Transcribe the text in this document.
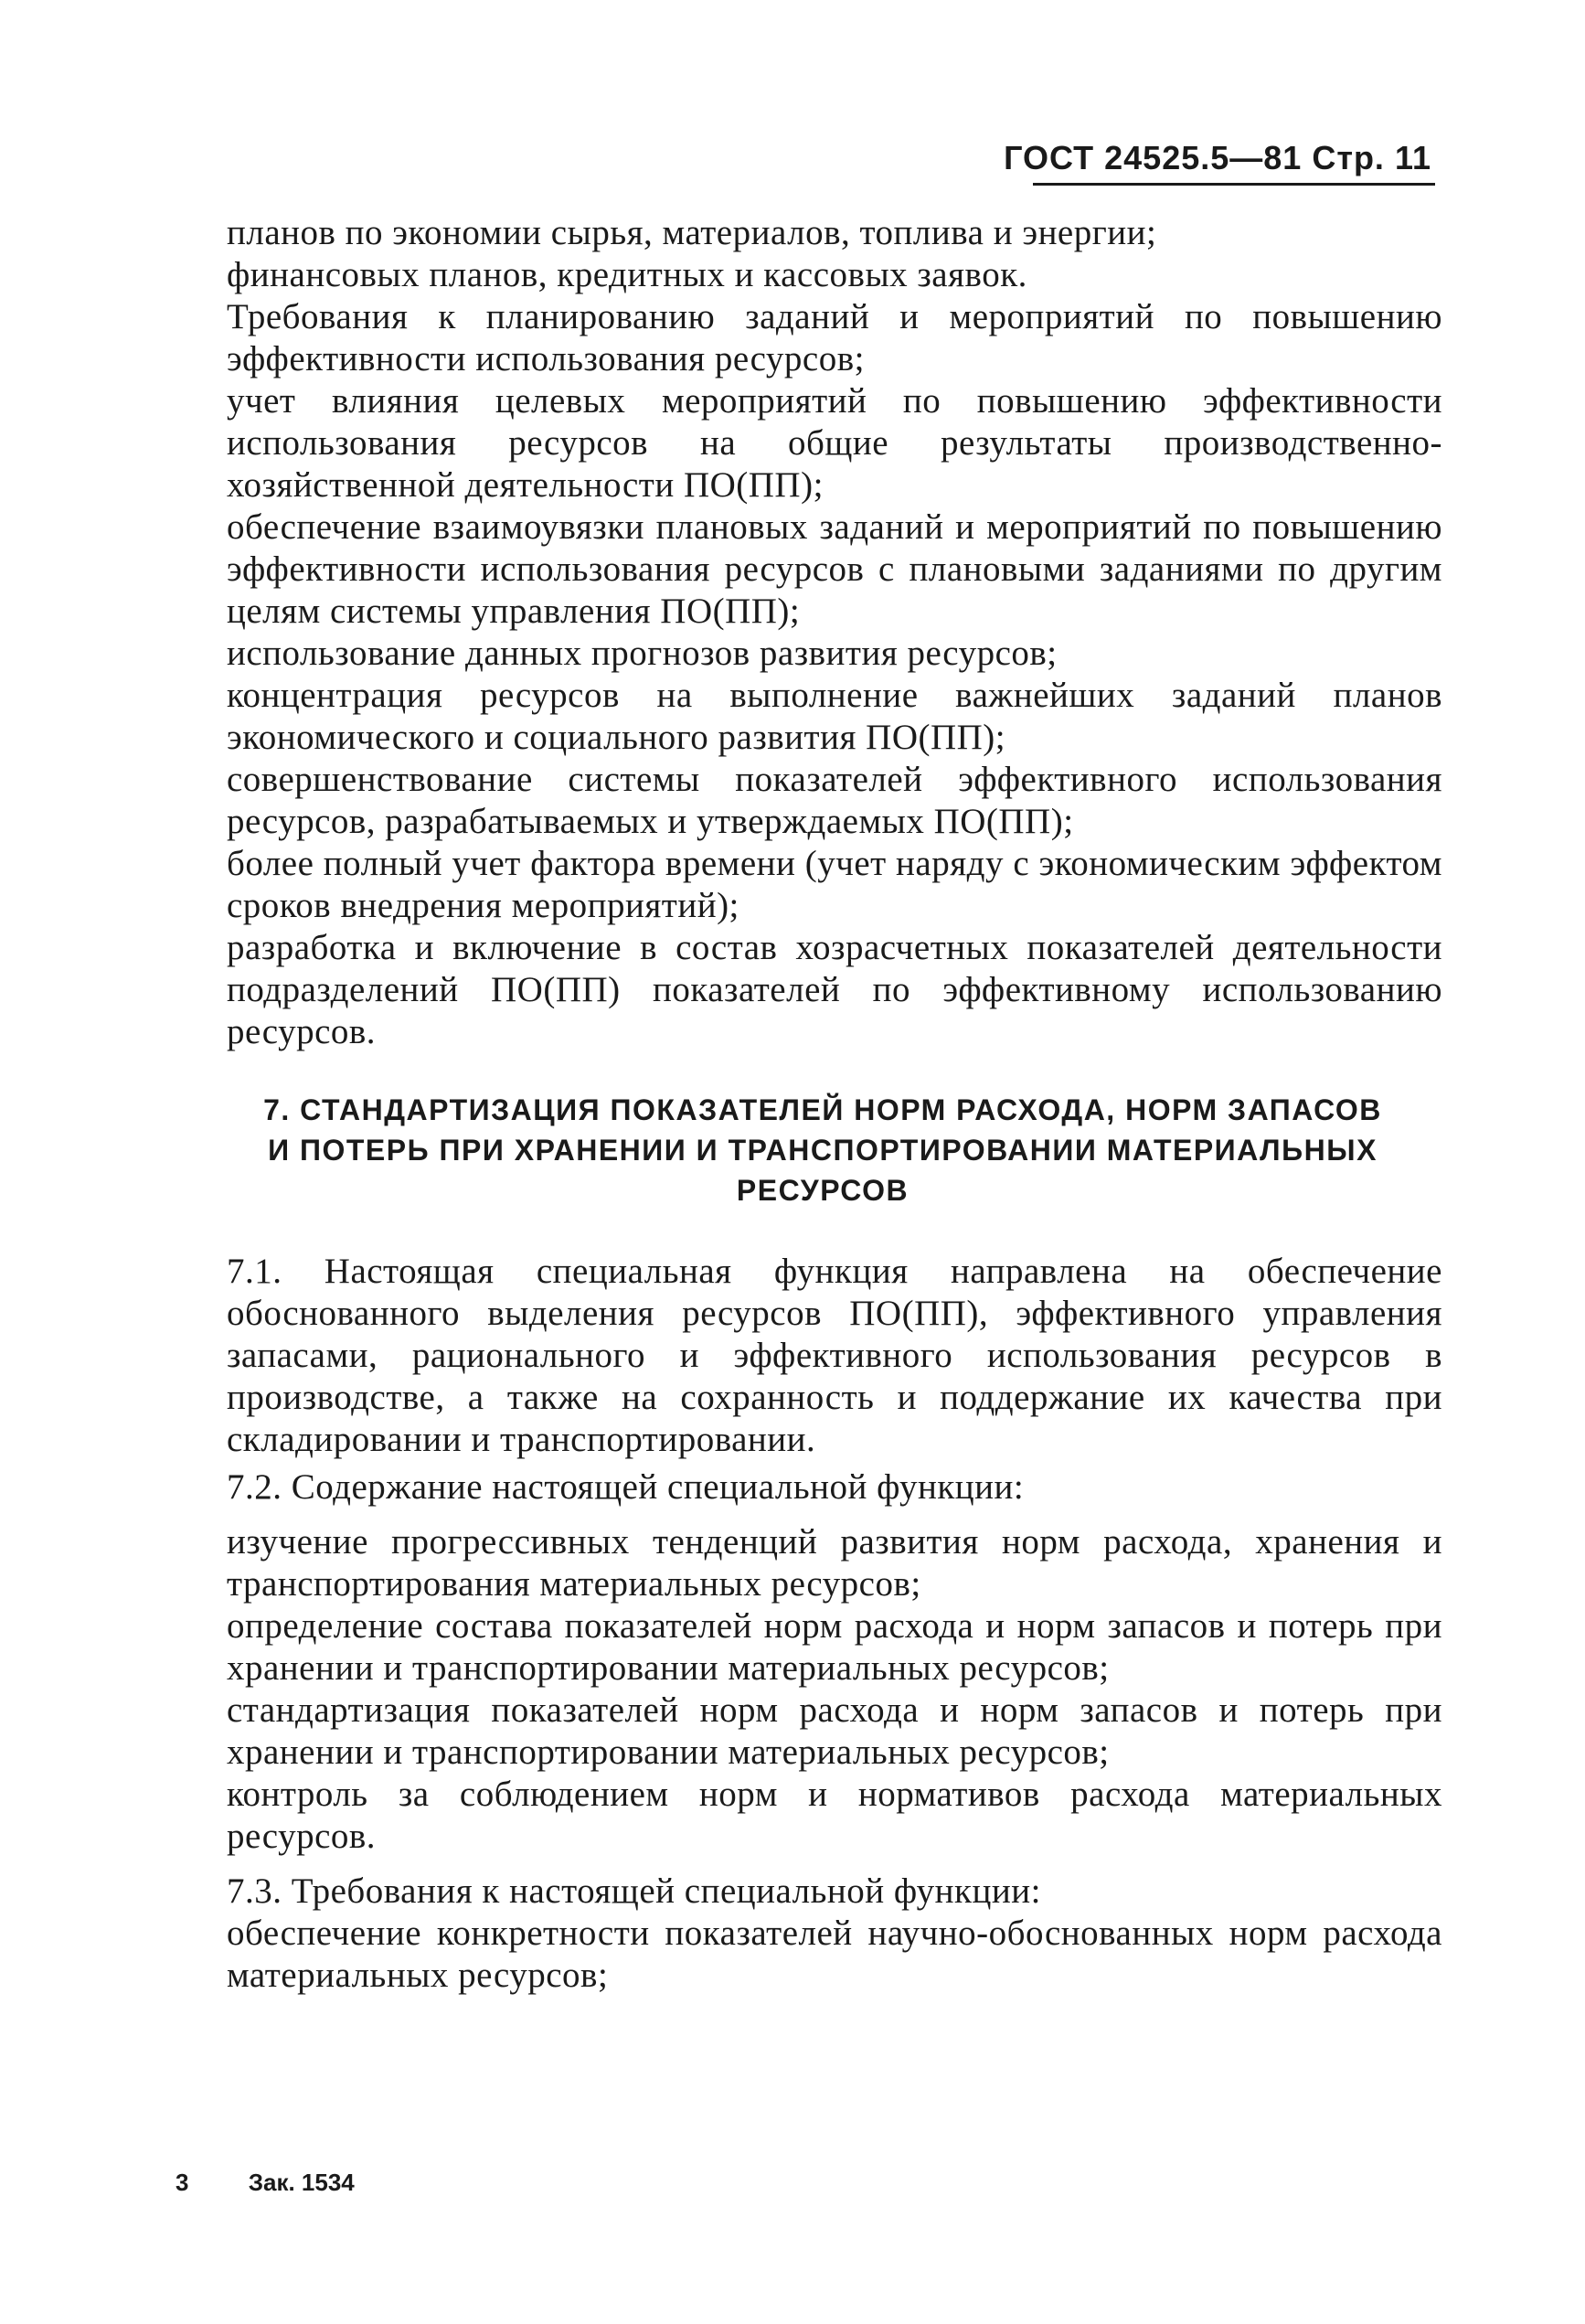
ГОСТ 24525.5—81 Стр. 11

планов по экономии сырья, материалов, топлива и энергии;

финансовых планов, кредитных и кассовых заявок.

Требования к планированию заданий и мероприятий по повышению эффективности использования ресурсов;

учет влияния целевых мероприятий по повышению эффективности использования ресурсов на общие результаты производственно-хозяйственной деятельности ПО(ПП);

обеспечение взаимоувязки плановых заданий и мероприятий по повышению эффективности использования ресурсов с плановыми заданиями по другим целям системы управления ПО(ПП);

использование данных прогнозов развития ресурсов;

концентрация ресурсов на выполнение важнейших заданий планов экономического и социального развития ПО(ПП);

совершенствование системы показателей эффективного использования ресурсов, разрабатываемых и утверждаемых ПО(ПП);

более полный учет фактора времени (учет наряду с экономическим эффектом сроков внедрения мероприятий);

разработка и включение в состав хозрасчетных показателей деятельности подразделений ПО(ПП) показателей по эффективному использованию ресурсов.

7. СТАНДАРТИЗАЦИЯ ПОКАЗАТЕЛЕЙ НОРМ РАСХОДА, НОРМ ЗАПАСОВ
И ПОТЕРЬ ПРИ ХРАНЕНИИ И ТРАНСПОРТИРОВАНИИ МАТЕРИАЛЬНЫХ
РЕСУРСОВ

7.1. Настоящая специальная функция направлена на обеспечение обоснованного выделения ресурсов ПО(ПП), эффективного управления запасами, рационального и эффективного использования ресурсов в производстве, а также на сохранность и поддержание их качества при складировании и транспортировании.

7.2. Содержание настоящей специальной функции:

изучение прогрессивных тенденций развития норм расхода, хранения и транспортирования материальных ресурсов;

определение состава показателей норм расхода и норм запасов и потерь при хранении и транспортировании материальных ресурсов;

стандартизация показателей норм расхода и норм запасов и потерь при хранении и транспортировании материальных ресурсов;

контроль за соблюдением норм и нормативов расхода материальных ресурсов.

7.3. Требования к настоящей специальной функции:

обеспечение конкретности показателей научно-обоснованных норм расхода материальных ресурсов;

3	Зак. 1534
